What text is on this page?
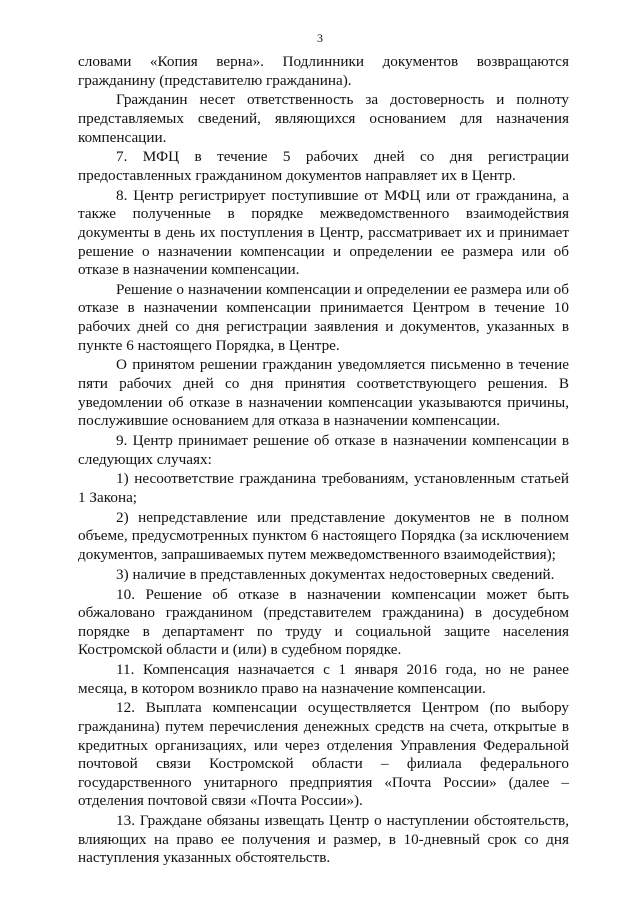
3

словами «Копия верна». Подлинники документов возвращаются гражданину (представителю гражданина).

Гражданин несет ответственность за достоверность и полноту представляемых сведений, являющихся основанием для назначения компенсации.

7. МФЦ в течение 5 рабочих дней со дня регистрации предоставленных гражданином документов направляет их в Центр.

8. Центр регистрирует поступившие от МФЦ или от гражданина, а также полученные в порядке межведомственного взаимодействия документы в день их поступления в Центр, рассматривает их и принимает решение о назначении компенсации и определении ее размера или об отказе в назначении компенсации.

Решение о назначении компенсации и определении ее размера или об отказе в назначении компенсации принимается Центром в течение 10 рабочих дней со дня регистрации заявления и документов, указанных в пункте 6 настоящего Порядка, в Центре.

О принятом решении гражданин уведомляется письменно в течение пяти рабочих дней со дня принятия соответствующего решения. В уведомлении об отказе в назначении компенсации указываются причины, послужившие основанием для отказа в назначении компенсации.

9. Центр принимает решение об отказе в назначении компенсации в следующих случаях:

1) несоответствие гражданина требованиям, установленным статьей 1 Закона;

2) непредставление или представление документов не в полном объеме, предусмотренных пунктом 6 настоящего Порядка (за исключением документов, запрашиваемых путем межведомственного взаимодействия);

3) наличие в представленных документах недостоверных сведений.

10. Решение об отказе в назначении компенсации может быть обжаловано гражданином (представителем гражданина) в досудебном порядке в департамент по труду и социальной защите населения Костромской области и (или) в судебном порядке.

11. Компенсация назначается с 1 января 2016 года, но не ранее месяца, в котором возникло право на назначение компенсации.

12. Выплата компенсации осуществляется Центром (по выбору гражданина) путем перечисления денежных средств на счета, открытые в кредитных организациях, или через отделения Управления Федеральной почтовой связи Костромской области – филиала федерального государственного унитарного предприятия «Почта России» (далее – отделения почтовой связи «Почта России»).

13. Граждане обязаны извещать Центр о наступлении обстоятельств, влияющих на право ее получения и размер, в 10-дневный срок со дня наступления указанных обстоятельств.
